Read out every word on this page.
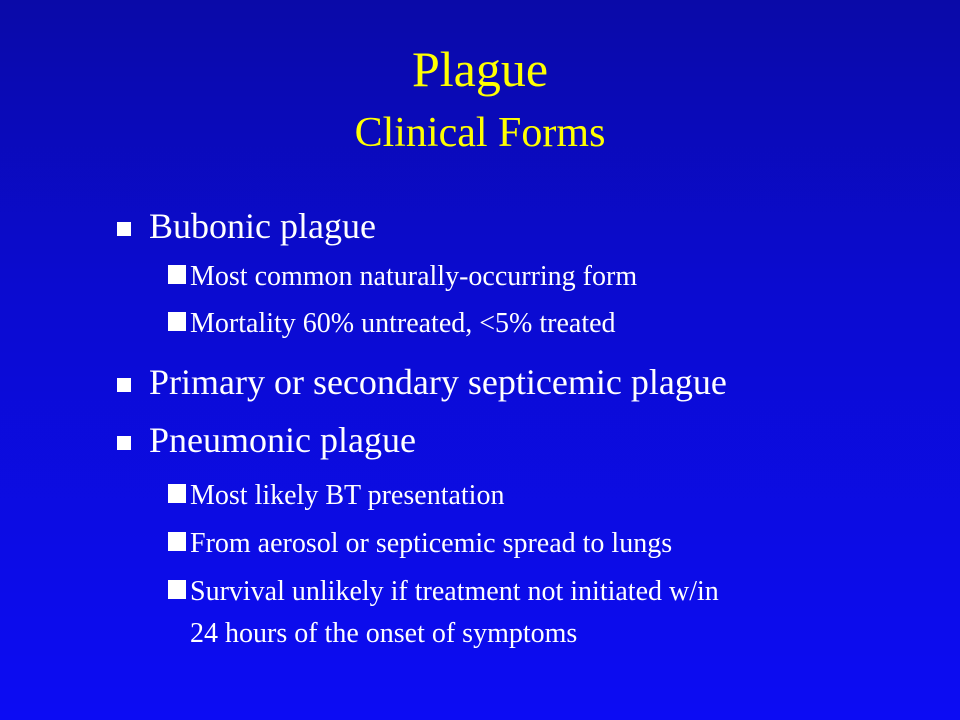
Plague
Clinical Forms
Bubonic plague
Most common naturally-occurring form
Mortality 60% untreated, <5% treated
Primary or secondary septicemic plague
Pneumonic plague
Most likely BT presentation
From aerosol or septicemic spread to lungs
Survival unlikely if treatment not initiated w/in
24 hours of the onset of symptoms
